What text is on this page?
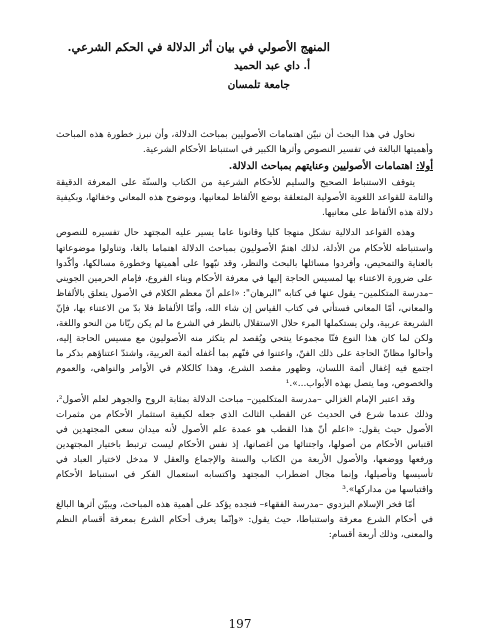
المنهج الأصولي في بيان أثر الدلالة في الحكم الشرعي.
أ. داي عبد الحميد
جامعة تلمسان

نحاول في هذا البحث أن نبيّن اهتمامات الأصوليين بمباحث الدلالة، وأن نبرز خطورة هذه المباحث وأهميتها البالغة في تفسير النصوص وأثرها الكبير في استنباط الأحكام الشرعية.

أولا: اهتمامات الأصوليين وعنايتهم بمباحث الدلالة.

يتوقف الاستنباط الصحيح والسليم للأحكام الشرعية من الكتاب والسنّة على المعرفة الدقيقة والتامة للقواعد اللغوية الأصولية المتعلقة بوضع الألفاظ لمعانيها، وبوضوح هذه المعاني وخفائها، وبكيفية دلالة هذه الألفاظ على معانيها.

وهذه القواعد الدلالية تشكل منهجا كليا وقانونا عاما يسير عليه المجتهد حال تفسيره للنصوص واستنباطه للأحكام من الأدلة، لذلك اهتمّ الأصوليون بمباحث الدلالة اهتماما بالغا، وتناولوا موضوعاتها بالعناية والتمحيص، وأفردوا مسائلها بالبحث والنظر، وقد نبّهوا على أهميتها وخطورة مسالكها، وأكّدوا على ضرورة الاعتناء بها لمسيس الحاجة إليها في معرفة الأحكام وبناء الفروع، فإمام الحرمين الجويني –مدرسة المتكلمين– يقول عنها في كتابه "البرهان": «اعلم أنّ معظم الكلام في الأصول يتعلق بالألفاظ والمعاني، أمّا المعاني فستأتي في كتاب القياس إن شاء الله، وأمّا الألفاظ فلا بدّ من الاعتناء بها، فإنّ الشريعة عربية، ولن يستكملها المرء حلال الاستقلال بالنظر في الشرع ما لم يكن ريّانا من النحو واللغة، ولكن لما كان هذا النوع فنّا مجموعا ينتحي ويُقصد لم يتكثر منه الأصوليون مع مسيس الحاجة إليه، وأحالوا مظانّ الحاجة على ذلك الفنّ، واعتنوا في فنّهم بما أغفله أئمة العربية، واشتدّ اعتناؤهم بذكر ما اجتمع فيه إغفال أئمة اللسان، وظهور مقصد الشرع، وهذا كالكلام في الأوامر والنواهي، والعموم والخصوص، وما يتصل بهذه الأبواب...».¹

وقد اعتبر الإمام الغزالي –مدرسة المتكلمين– مباحث الدلالة بمثابة الروح والجوهر لعلم الأصول²، وذلك عندما شرع في الحديث عن القطب الثالث الذي جعله لكيفية استثمار الأحكام من مثمرات الأصول حيث يقول: «اعلم أنّ هذا القطب هو عمدة علم الأصول لأنه ميدان سعي المجتهدين في اقتباس الأحكام من أصولها، واجتنائها من أغصانها، إذ نفس الأحكام ليست ترتبط باختيار المجتهدين ورفعها ووضعها، والأصول الأربعة من الكتاب والسنة والإجماع والعقل لا مدخل لاختيار العباد في تأسيسها وتأصيلها، وإنما مجال اضطراب المجتهد واكتسابه استعمال الفكر في استنباط الأحكام واقتباسها من مداركها».³

أمّا فخر الإسلام البزدوي –مدرسة الفقهاء– فنجده يؤكد على أهمية هذه المباحث، ويبيّن أثرها البالغ في أحكام الشرع معرفة واستنباطا، حيث يقول: «وإنّما يعرف أحكام الشرع بمعرفة أقسام النظم والمعنى، وذلك أربعة أقسام:

197
